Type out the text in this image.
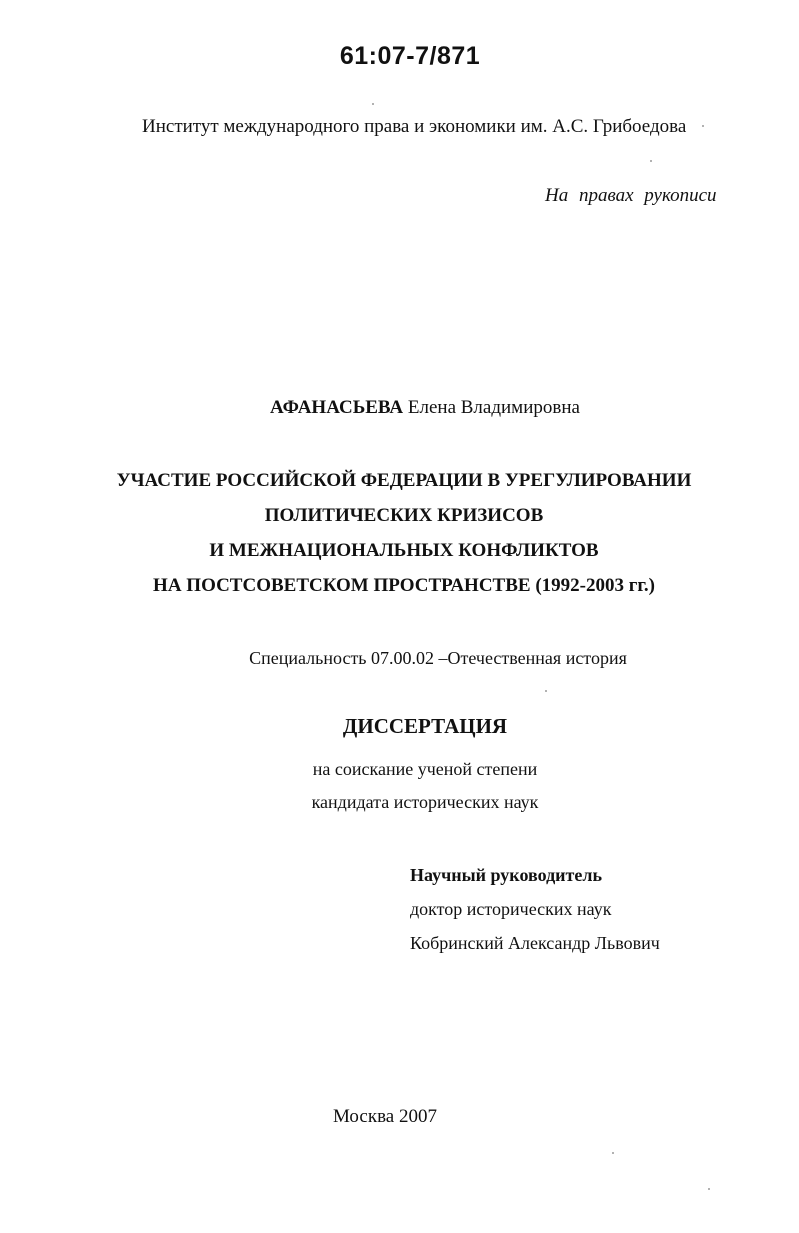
61:07-7/871
Институт международного права и экономики им. А.С. Грибоедова
На правах рукописи
АФАНАСЬЕВА Елена Владимировна
УЧАСТИЕ РОССИЙСКОЙ ФЕДЕРАЦИИ В УРЕГУЛИРОВАНИИ
ПОЛИТИЧЕСКИХ КРИЗИСОВ
И МЕЖНАЦИОНАЛЬНЫХ КОНФЛИКТОВ
НА ПОСТСОВЕТСКОМ ПРОСТРАНСТВЕ (1992-2003 гг.)
Специальность 07.00.02 –Отечественная история
ДИССЕРТАЦИЯ
на соискание ученой степени
кандидата исторических наук
Научный руководитель
доктор исторических наук
Кобринский Александр Львович
Москва 2007
